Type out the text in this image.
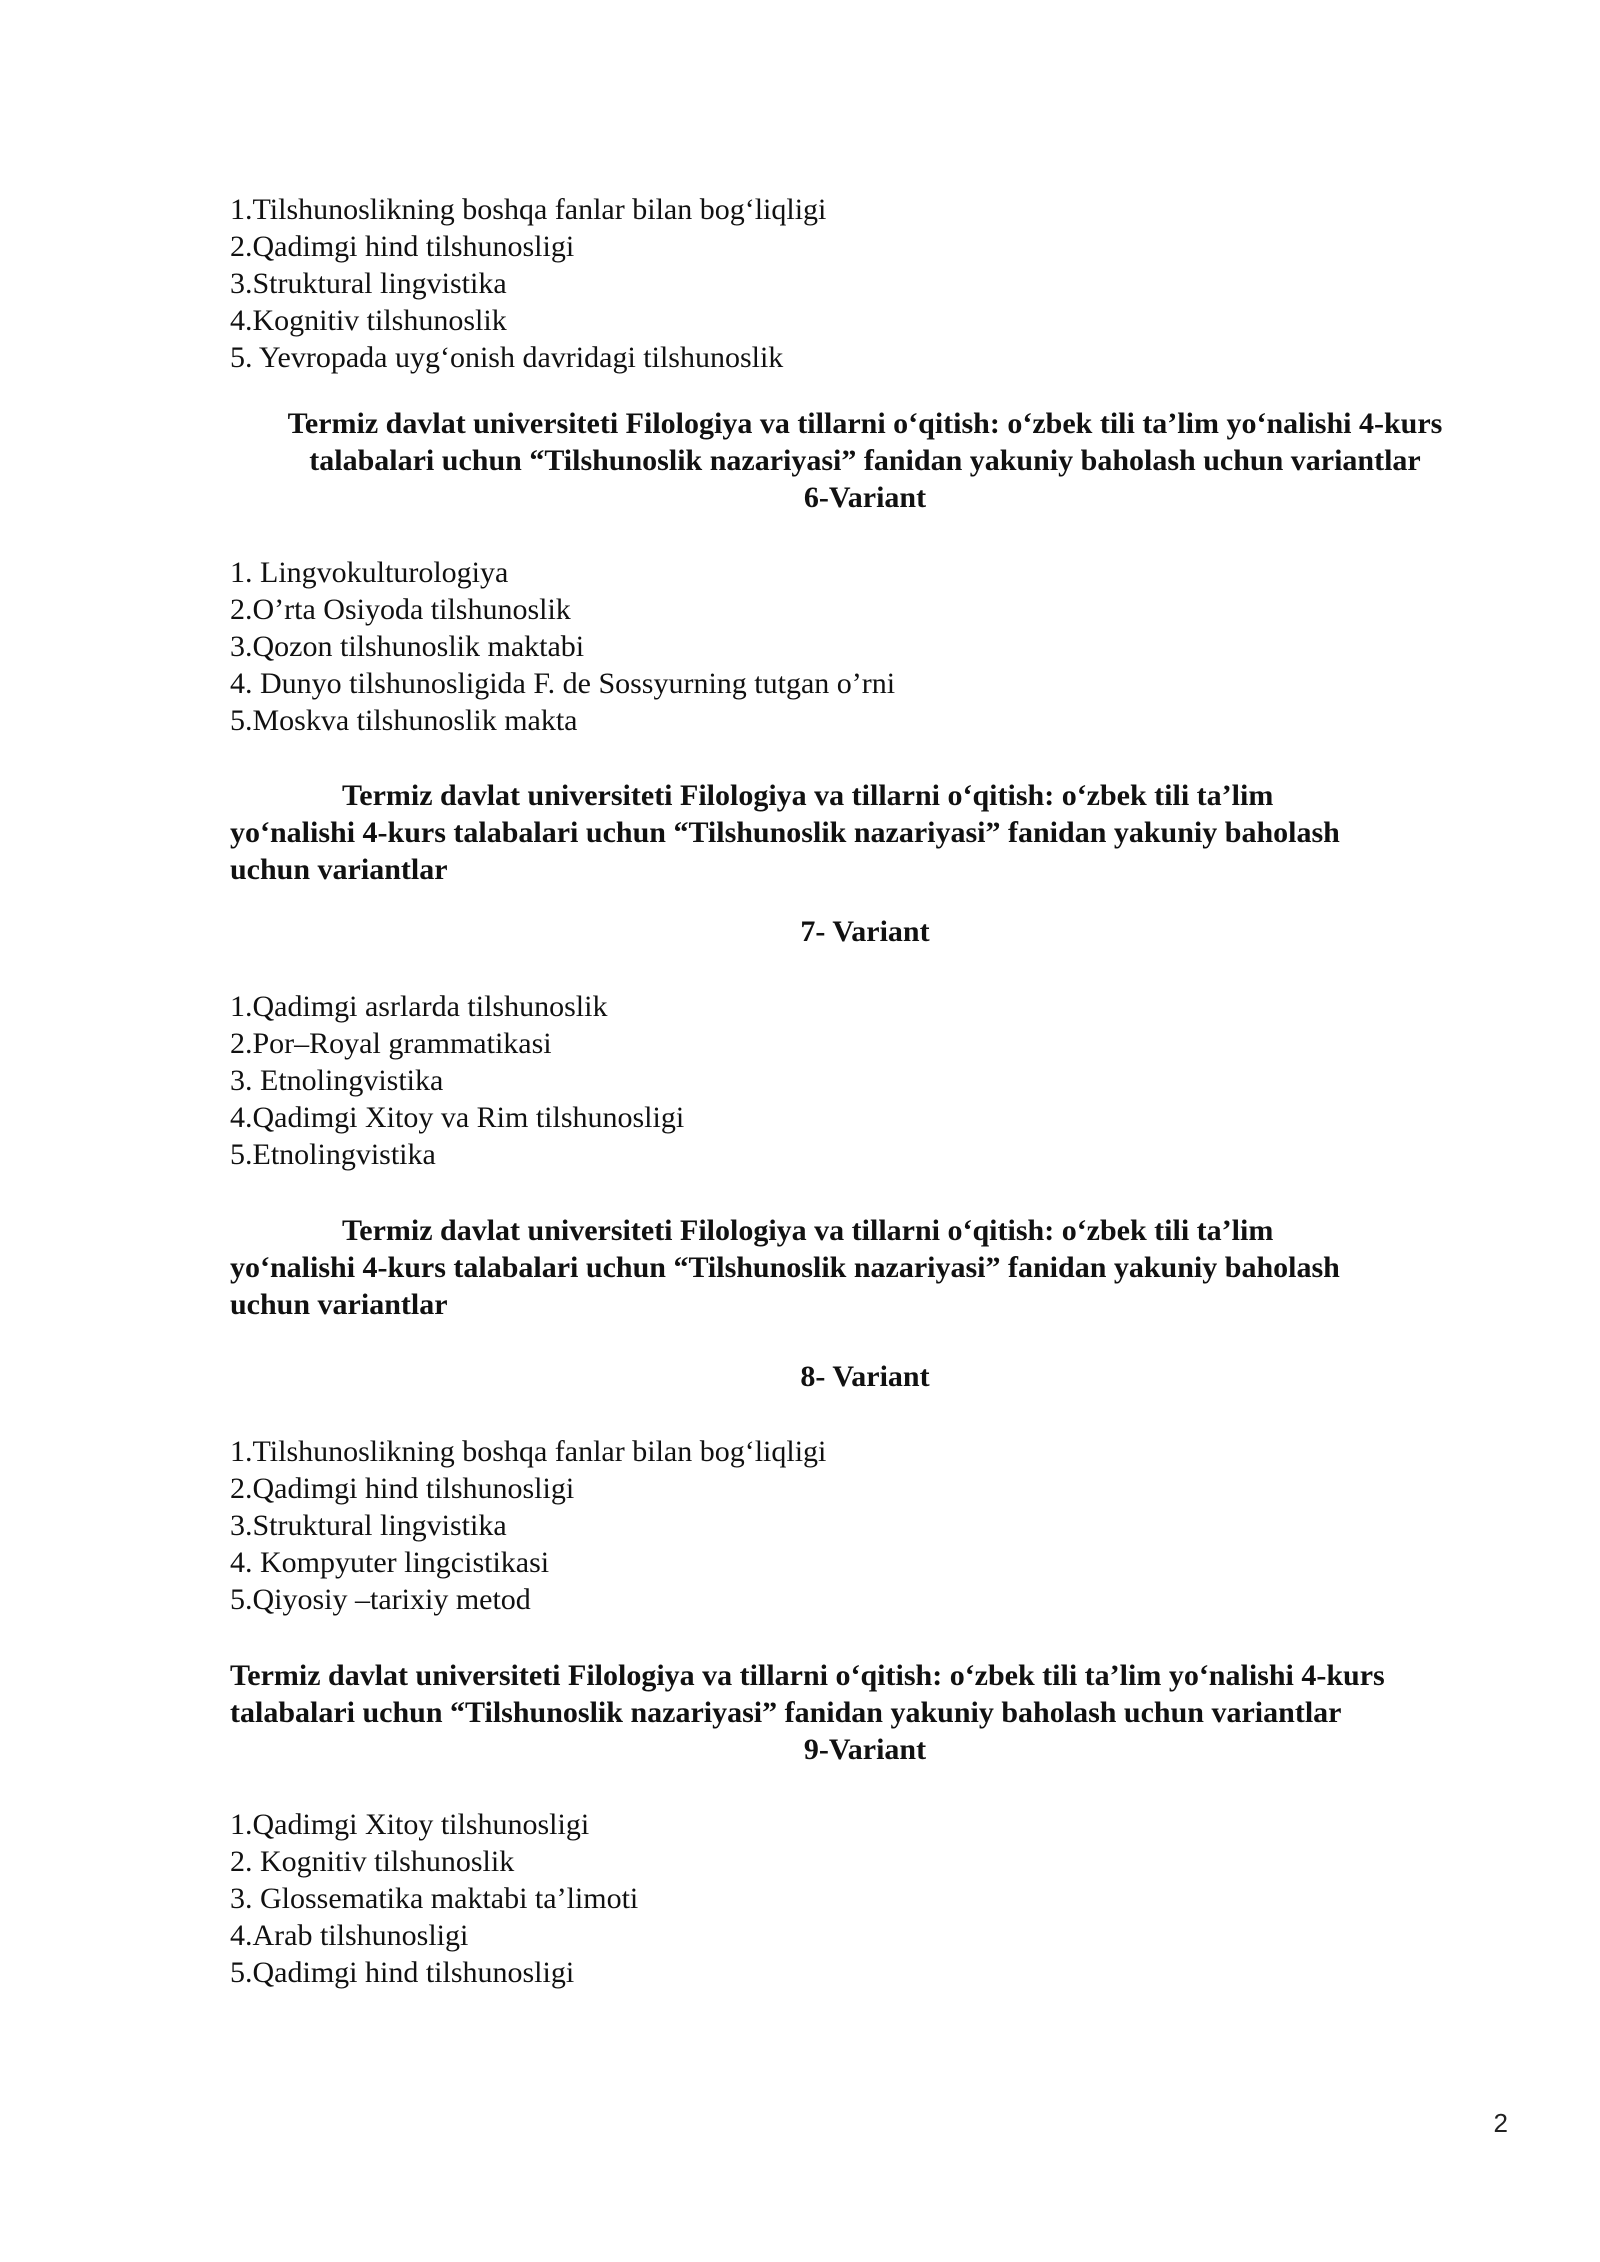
1.Tilshunoslikning boshqa fanlar bilan bog‘liqligi
2.Qadimgi hind tilshunosligi
3.Struktural lingvistika
4.Kognitiv tilshunoslik
5. Yevropada uyg‘onish davridagi tilshunoslik
Termiz davlat universiteti Filologiya va tillarni o‘qitish: o‘zbek tili ta’lim yo‘nalishi 4-kurs
talabalari uchun “Tilshunoslik nazariyasi” fanidan yakuniy baholash uchun variantlar
6-Variant
1. Lingvokulturologiya
2.O’rta Osiyoda tilshunoslik
3.Qozon tilshunoslik maktabi
4. Dunyo tilshunosligida F. de Sossyurning tutgan o’rni
5.Moskva tilshunoslik makta
Termiz davlat universiteti Filologiya va tillarni o‘qitish: o‘zbek tili ta’lim
yo‘nalishi 4-kurs talabalari uchun “Tilshunoslik nazariyasi” fanidan yakuniy baholash
uchun variantlar
7- Variant
1.Qadimgi asrlarda tilshunoslik
2.Por–Royal grammatikasi
3. Etnolingvistika
4.Qadimgi Xitoy va Rim tilshunosligi
5.Etnolingvistika
Termiz davlat universiteti Filologiya va tillarni o‘qitish: o‘zbek tili ta’lim
yo‘nalishi 4-kurs talabalari uchun “Tilshunoslik nazariyasi” fanidan yakuniy baholash
uchun variantlar
8- Variant
1.Tilshunoslikning boshqa fanlar bilan bog‘liqligi
2.Qadimgi hind tilshunosligi
3.Struktural lingvistika
4. Kompyuter lingcistikasi
5.Qiyosiy –tarixiy metod
Termiz davlat universiteti Filologiya va tillarni o‘qitish: o‘zbek tili ta’lim yo‘nalishi 4-kurs
talabalari uchun “Tilshunoslik nazariyasi” fanidan yakuniy baholash uchun variantlar
9-Variant
1.Qadimgi Xitoy tilshunosligi
2. Kognitiv tilshunoslik
3. Glossematika maktabi ta’limoti
4.Arab tilshunosligi
5.Qadimgi hind tilshunosligi
2
